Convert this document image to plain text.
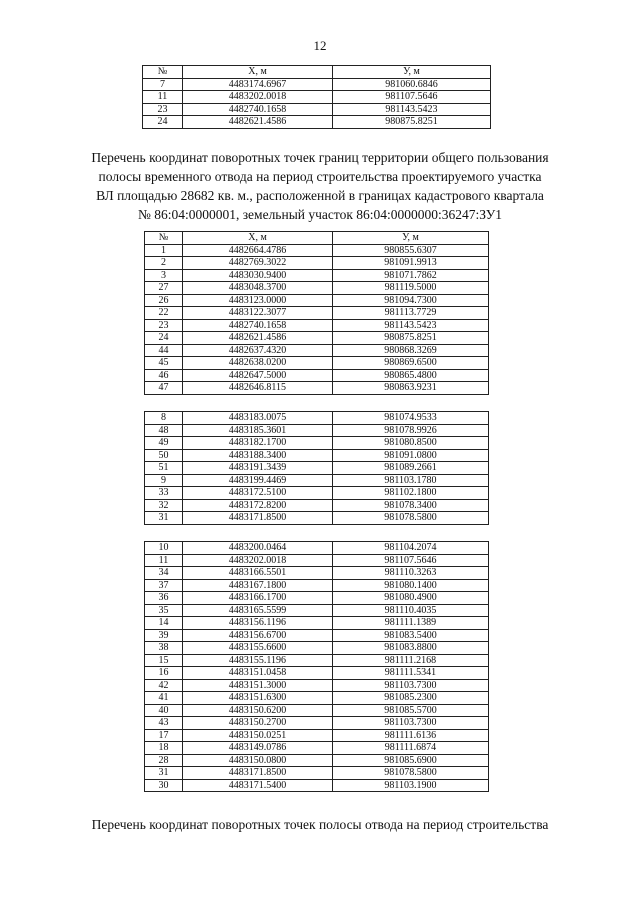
12
№	X, м	У, м
7	4483174.6967	981060.6846
11	4483202.0018	981107.5646
23	4482740.1658	981143.5423
24	4482621.4586	980875.8251
Перечень координат поворотных точек границ территории общего пользования
полосы временного отвода на период строительства проектируемого участка
ВЛ площадью 28682 кв. м., расположенной в границах кадастрового квартала
№ 86:04:0000001, земельный участок 86:04:0000000:36247:ЗУ1
№	X, м	У, м
1	4482664.4786	980855.6307
2	4482769.3022	981091.9913
3	4483030.9400	981071.7862
27	4483048.3700	981119.5000
26	4483123.0000	981094.7300
22	4483122.3077	981113.7729
23	4482740.1658	981143.5423
24	4482621.4586	980875.8251
44	4482637.4320	980868.3269
45	4482638.0200	980869.6500
46	4482647.5000	980865.4800
47	4482646.8115	980863.9231
8	4483183.0075	981074.9533
48	4483185.3601	981078.9926
49	4483182.1700	981080.8500
50	4483188.3400	981091.0800
51	4483191.3439	981089.2661
9	4483199.4469	981103.1780
33	4483172.5100	981102.1800
32	4483172.8200	981078.3400
31	4483171.8500	981078.5800
10	4483200.0464	981104.2074
11	4483202.0018	981107.5646
34	4483166.5501	981110.3263
37	4483167.1800	981080.1400
36	4483166.1700	981080.4900
35	4483165.5599	981110.4035
14	4483156.1196	981111.1389
39	4483156.6700	981083.5400
38	4483155.6600	981083.8800
15	4483155.1196	981111.2168
16	4483151.0458	981111.5341
42	4483151.3000	981103.7300
41	4483151.6300	981085.2300
40	4483150.6200	981085.5700
43	4483150.2700	981103.7300
17	4483150.0251	981111.6136
18	4483149.0786	981111.6874
28	4483150.0800	981085.6900
31	4483171.8500	981078.5800
30	4483171.5400	981103.1900
Перечень координат поворотных точек полосы отвода на период строительства
